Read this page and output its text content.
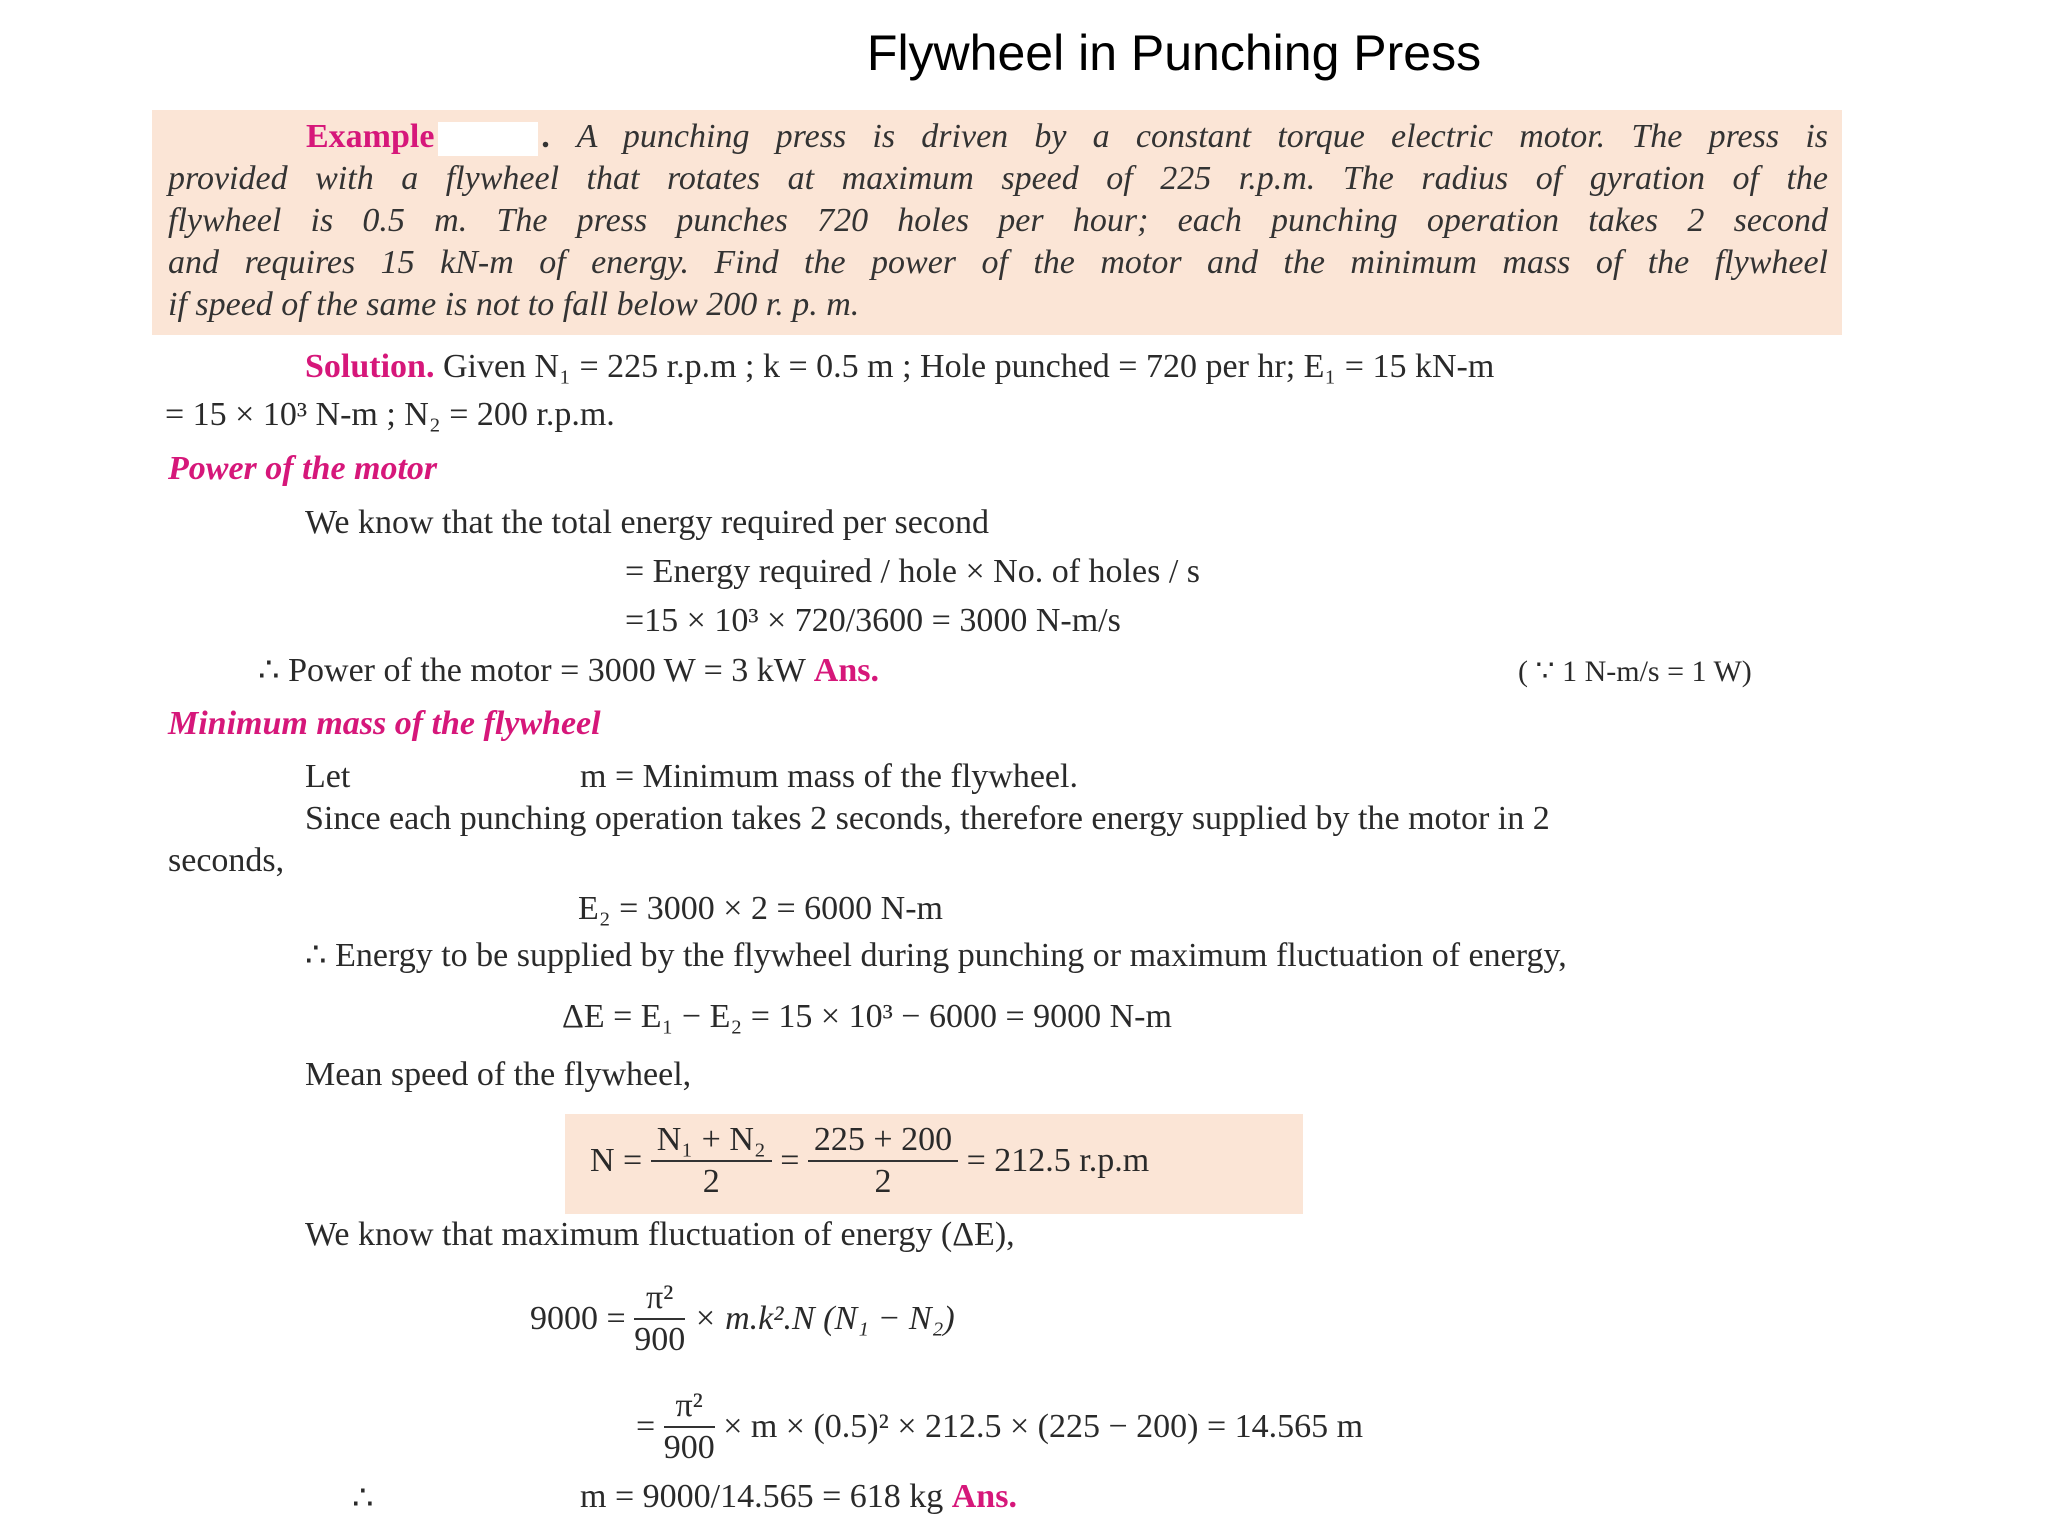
Flywheel in Punching Press
Example	. A punching press is driven by a constant torque electric motor. The press is
provided with a flywheel that rotates at maximum speed of 225 r.p.m. The radius of gyration of the
flywheel is 0.5 m. The press punches 720 holes per hour; each punching operation takes 2 second
and requires 15 kN-m of energy. Find the power of the motor and the minimum mass of the flywheel
if speed of the same is not to fall below 200 r. p. m.
Solution. Given N₁ = 225 r.p.m ; k = 0.5 m ; Hole punched = 720 per hr; E₁ = 15 kN-m
= 15 × 10³ N-m ; N₂ = 200 r.p.m.
Power of the motor
We know that the total energy required per second
= Energy required / hole × No. of holes / s
=15 × 10³ × 720/3600 = 3000 N-m/s
∴ Power of the motor = 3000 W = 3 kW Ans.	( ∵ 1 N-m/s = 1 W)
Minimum mass of the flywheel
Let	m = Minimum mass of the flywheel.
Since each punching operation takes 2 seconds, therefore energy supplied by the motor in 2
seconds,
E₂ = 3000 × 2 = 6000 N-m
∴ Energy to be supplied by the flywheel during punching or maximum fluctuation of energy,
ΔE = E₁ − E₂ = 15 × 10³ − 6000 = 9000 N-m
Mean speed of the flywheel,
$N = \frac{\text{N₁ + N₂}}{2} = \frac{225 + 200}{2} = 212.5$ r.p.m
We know that maximum fluctuation of energy (ΔE),
$9000 = \frac{\text{π²}}{900} \times m.k^2.N$ (N₁ − N₂)
= $\frac{\text{π²}}{900} \times m \times (0.5)^2 \times 212.5 \times (225 - 200) = 14.565$ m
∴	m = 9000/14.565 = 618 kg Ans.
